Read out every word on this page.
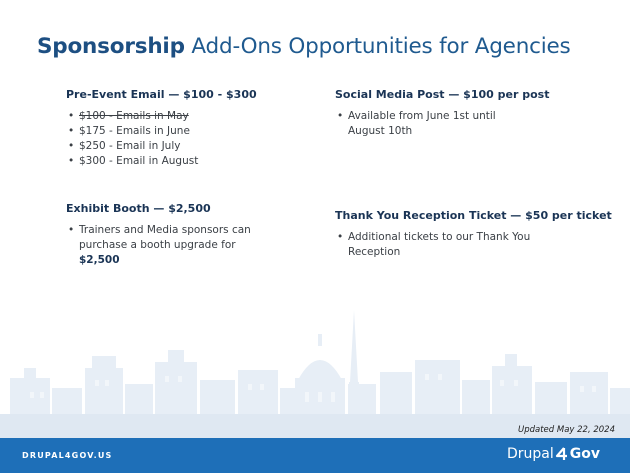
Sponsorship Add-Ons Opportunities for Agencies
Pre-Event Email — $100 - $300
• $100 - Emails in May
• $175 - Emails in June
• $250 - Email in July
• $300 - Email in August
Social Media Post — $100 per post
• Available from June 1st until August 10th
Exhibit Booth — $2,500
• Trainers and Media sponsors can purchase a booth upgrade for $2,500
Thank You Reception Ticket — $50 per ticket
• Additional tickets to our Thank You Reception
Updated May 22, 2024
DRUPAL4GOV.US	Drupal Gov
